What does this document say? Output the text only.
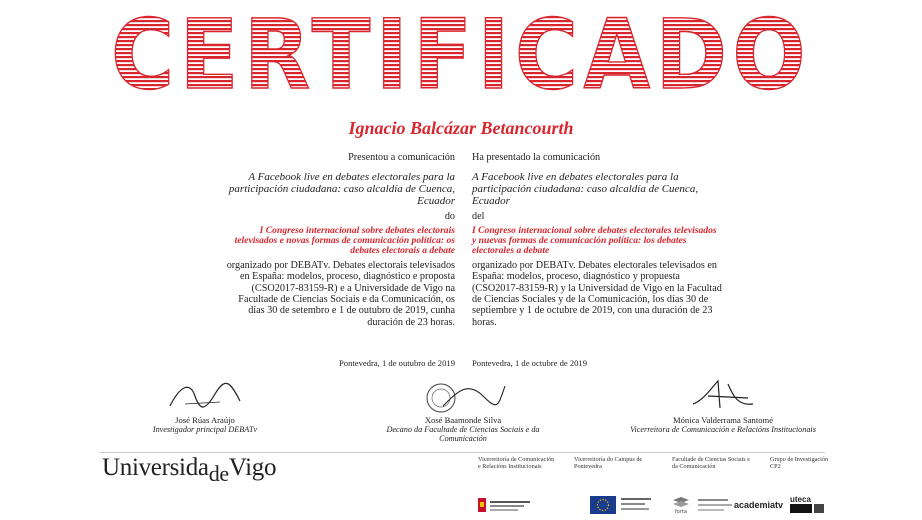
CERTIFICADO
Ignacio Balcázar Betancourth
Presentou a comunicación
A Facebook live en debates electorales para la participación ciudadana: caso alcaldía de Cuenca, Ecuador
do
I Congreso internacional sobre debates electorais televisados e novas formas de comunicación política: os debates electorais a debate
organizado por DEBATv. Debates electorais televisados en España: modelos, proceso, diagnóstico e proposta (CSO2017-83159-R) e a Universidade de Vigo na Facultade de Ciencias Sociais e da Comunicación, os días 30 de setembro e 1 de outubro de 2019, cunha duración de 23 horas.
Pontevedra, 1 de outubro de 2019
Ha presentado la comunicación
A Facebook live en debates electorales para la participación ciudadana: caso alcaldía de Cuenca, Ecuador
del
I Congreso internacional sobre debates electorales televisados y nuevas formas de comunicación política: los debates electorales a debate
organizado por DEBATv. Debates electorales televisados en España: modelos, proceso, diagnóstico y propuesta (CSO2017-83159-R) y la Universidad de Vigo en la Facultad de Ciencias Sociales y de la Comunicación, los días 30 de septiembre y 1 de octubre de 2019, con una duración de 23 horas.
Pontevedra, 1 de octubre de 2019
José Rúas Araújo
Investigador principal DEBATv
Xosé Baamonde Silva
Decano da Facultade de Ciencias Sociais e da Comunicación
Mónica Valderrama Santomé
Vicerreitora de Comunicación e Relacións Institucionais
UniversidadeVigo	Vicerreitoría de Comunicación e Relacións Institucionais
Vicerreitoría do Campus de Pontevedra
Facultade de Ciencias Sociais e da Comunicación
Grupo de Investigación CP2
forta
academiatv
uteca
